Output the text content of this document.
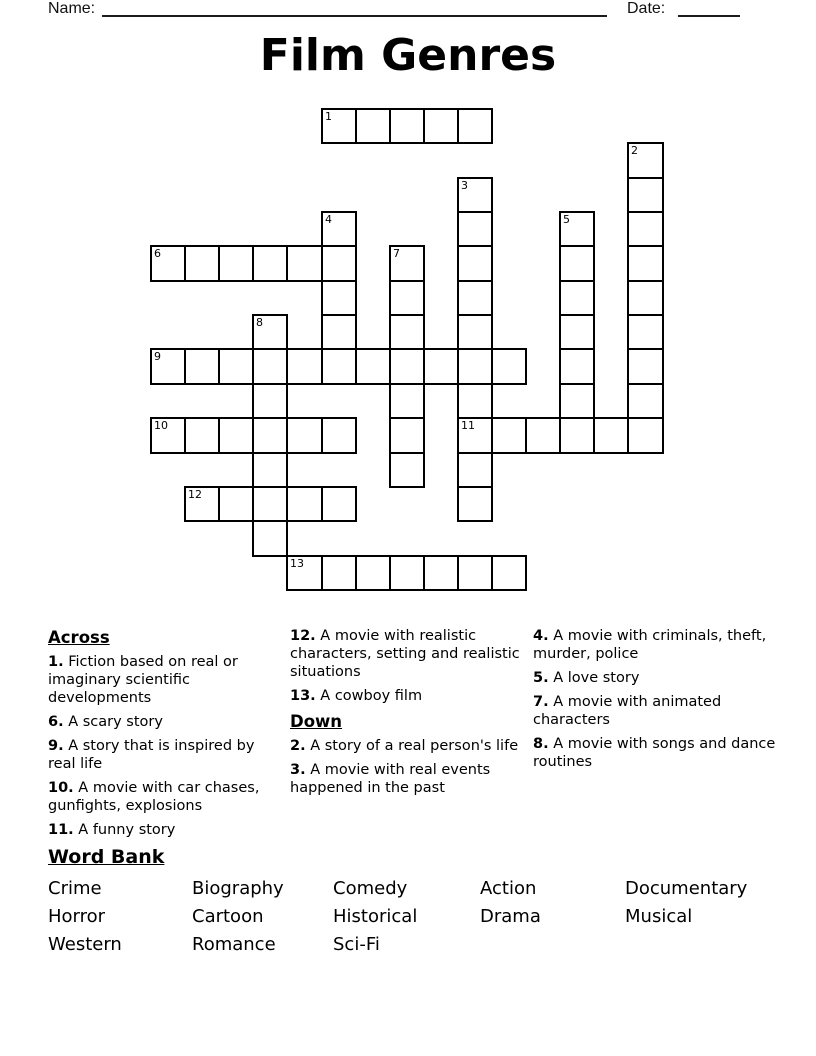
Name:	Date:
Film Genres
1
2
3
4	5
6	7
8
9
10	11
12
13
Across
1. Fiction based on real or imaginary scientific developments
6. A scary story
9. A story that is inspired by real life
10. A movie with car chases, gunfights, explosions
11. A funny story
12. A movie with realistic characters, setting and realistic situations
13. A cowboy film
Down
2. A story of a real person's life
3. A movie with real events happened in the past
4. A movie with criminals, theft, murder, police
5. A love story
7. A movie with animated characters
8. A movie with songs and dance routines
Word Bank
Crime	Biography	Comedy	Action	Documentary
Horror	Cartoon	Historical	Drama	Musical
Western	Romance	Sci-Fi
